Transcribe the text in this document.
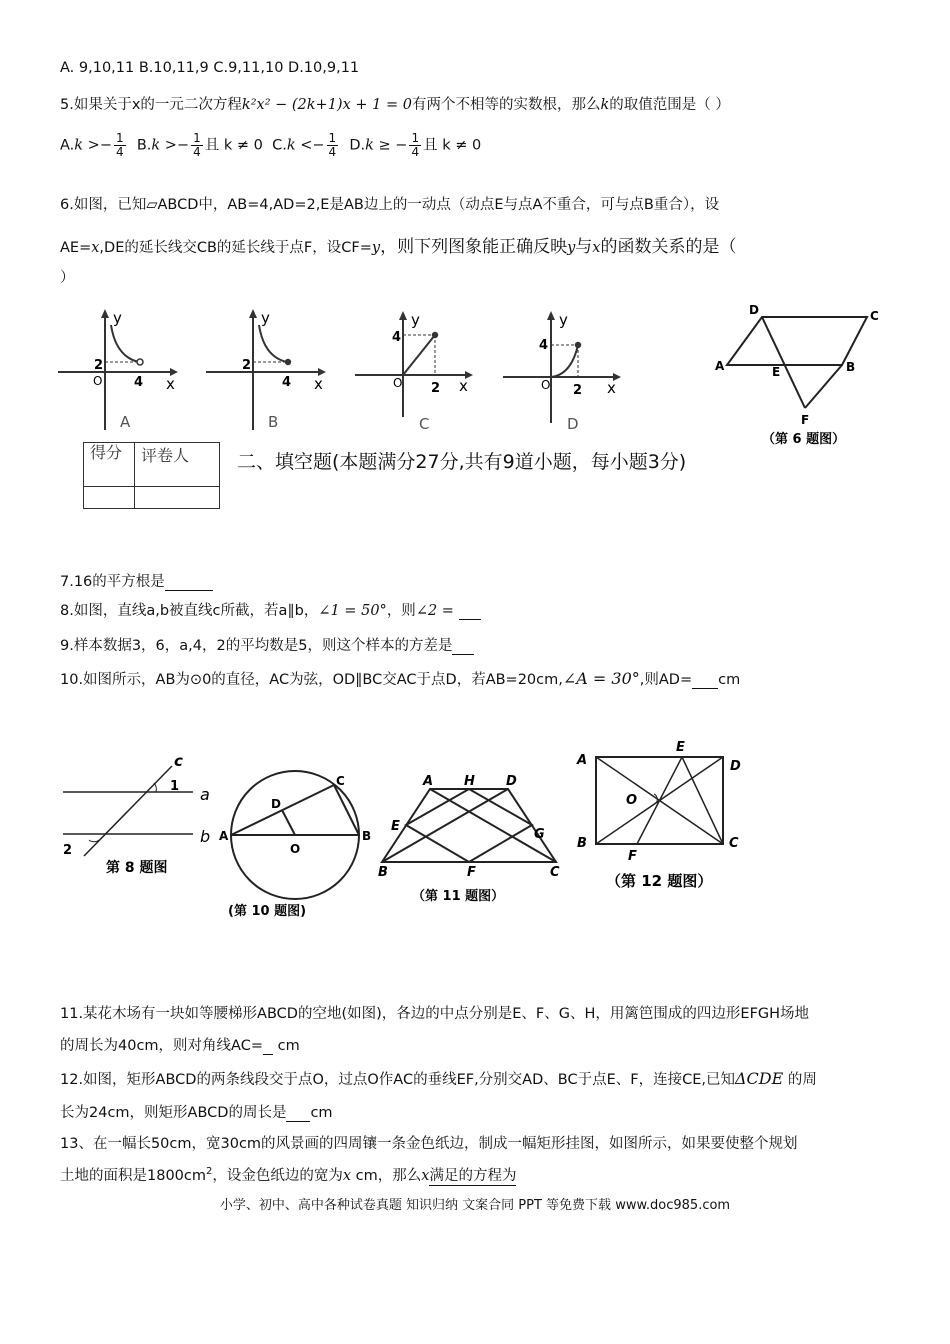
A. 9,10,11 B.10,11,9 C.9,11,10 D.10,9,11
5.如果关于x的一元二次方程k²x² − (2k+1)x + 1 = 0有两个不相等的实数根，那么k的取值范围是（ ）
$A.k >- \frac{1}{4} B.k >- \frac{1}{4}$ 且 k ≠ 0 $C.k <- \frac{1}{4} D.k$ ≥ − $\frac{1}{4}$ 且 k ≠ 0
6.如图，已知▱ABCD中，AB=4,AD=2,E是AB边上的一动点（动点E与点A不重合，可与点B重合），设
AE=x,DE的延长线交CB的延长线于点F，设CF=y，则下列图象能正确反映y与x的函数关系的是（
）
y
x
2
O 4
A
y
x
2
4
B
y
x
4
O 2
C
y
x
4
O 2
D
D	C
A	E	B
F
（第 6 题图）
得分	评卷人
		二、填空题(本题满分27分,共有9道小题，每小题3分)
7.16的平方根是
8.如图，直线a,b被直线c所截，若a∥b，∠1 = 50°，则∠2 =
9.样本数据3，6，a,4，2的平均数是5，则这个样本的方差是
10.如图所示，AB为⊙0的直径，AC为弦，OD∥BC交AC于点D，若AB=20cm,∠A = 30°,则AD= cm
c
1 a
b
2
第 8 题图
C
D
A	B
O
(第 10 题图)
A H D
E
G
B	F	C
（第 11 题图）
A
E
D
O
B
F
C
（第 12 题图）
11.某花木场有一块如等腰梯形ABCD的空地(如图)，各边的中点分别是E、F、G、H，用篱笆围成的四边形EFGH场地
的周长为40cm，则对角线AC=  cm
12.如图，矩形ABCD的两条线段交于点O，过点O作AC的垂线EF,分别交AD、BC于点E、F，连接CE,已知ΔCDE 的周
长为24cm，则矩形ABCD的周长是 cm
13、在一幅长50cm，宽30cm的风景画的四周镶一条金色纸边，制成一幅矩形挂图，如图所示，如果要使整个规划
土地的面积是$1800cm^2$，设金色纸边的宽为x cm，那么x满足的方程为
小学、初中、高中各种试卷真题 知识归纳 文案合同 PPT 等免费下载 www.doc985.com
